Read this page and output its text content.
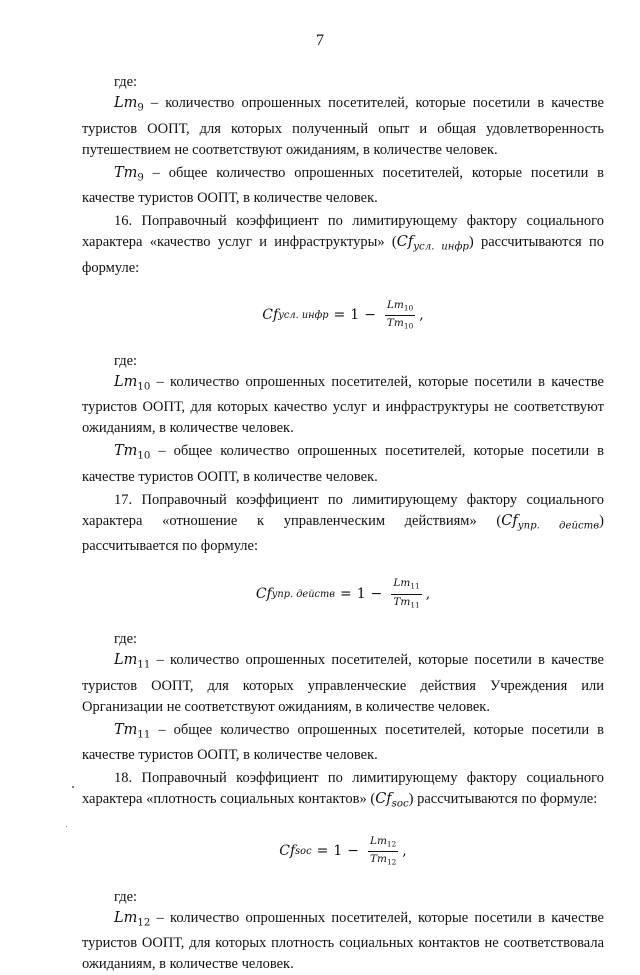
7

где:

$Lm_9$ – количество опрошенных посетителей, которые посетили в качестве туристов ООПТ, для которых полученный опыт и общая удовлетворенность путешествием не соответствуют ожиданиям, в количестве человек.

$Tm_9$ – общее количество опрошенных посетителей, которые посетили в качестве туристов ООПТ, в количестве человек.

16. Поправочный коэффициент по лимитирующему фактору социального характера «качество услуг и инфраструктуры» $(Cf_{усл. инфр})$ рассчитываются по формуле:

Cf усл. инфр = $1 - \frac{Lm_{10}}{Tm_{10}}$ ,

где:

$Lm_{10}$ – количество опрошенных посетителей, которые посетили в качестве туристов ООПТ, для которых качество услуг и инфраструктуры не соответствуют ожиданиям, в количестве человек.

$Tm_{10}$ – общее количество опрошенных посетителей, которые посетили в качестве туристов ООПТ, в количестве человек.

17. Поправочный коэффициент по лимитирующему фактору социального характера «отношение к управленческим действиям» $(Cf_{упр. действ})$ рассчитывается по формуле:

Cf упр. действ = $1 - \frac{Lm_{11}}{Tm_{11}}$ ,

где:

$Lm_{11}$ – количество опрошенных посетителей, которые посетили в качестве туристов ООПТ, для которых управленческие действия Учреждения или Организации не соответствуют ожиданиям, в количестве человек.

$Tm_{11}$ – общее количество опрошенных посетителей, которые посетили в качестве туристов ООПТ, в количестве человек.

18. Поправочный коэффициент по лимитирующему фактору социального характера «плотность социальных контактов» $(Cf_{soc})$ рассчитываются по формуле:

Cf soc = $1 - \frac{Lm_{12}}{Tm_{12}}$ ,

где:

$Lm_{12}$ – количество опрошенных посетителей, которые посетили в качестве туристов ООПТ, для которых плотность социальных контактов не соответствовала ожиданиям, в количестве человек.
